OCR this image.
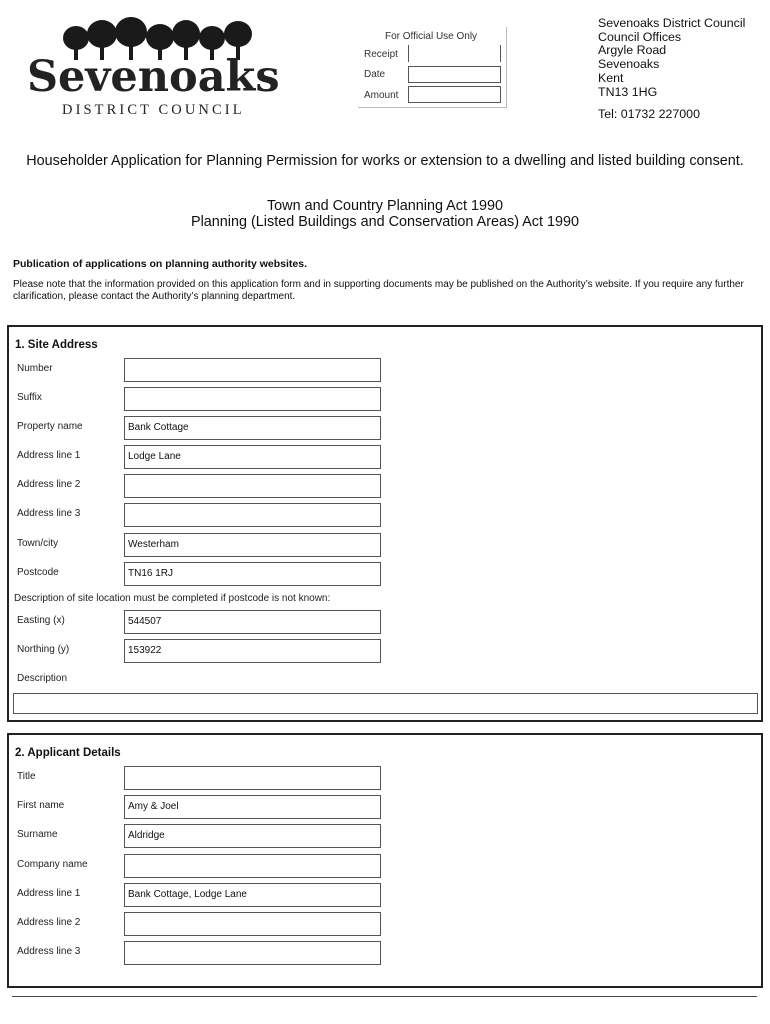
Sevenoaks
DISTRICT COUNCIL
For Official Use Only
Receipt
Date
Amount
Sevenoaks District Council
Council Offices
Argyle Road
Sevenoaks
Kent
TN13 1HG
Tel: 01732 227000
Householder Application for Planning Permission for works or extension to a dwelling and listed building consent.
Town and Country Planning Act 1990
Planning (Listed Buildings and Conservation Areas) Act 1990
Publication of applications on planning authority websites.
Please note that the information provided on this application form and in supporting documents may be published on the Authority’s website. If you require any further clarification, please contact the Authority’s planning department.
1. Site Address
Number
Suffix
Property name	Bank Cottage
Address line 1	Lodge Lane
Address line 2
Address line 3
Town/city	Westerham
Postcode	TN16 1RJ
Description of site location must be completed if postcode is not known:
Easting (x)	544507
Northing (y)	153922
Description
2. Applicant Details
Title
First name	Amy & Joel
Surname	Aldridge
Company name
Address line 1	Bank Cottage, Lodge Lane
Address line 2
Address line 3
